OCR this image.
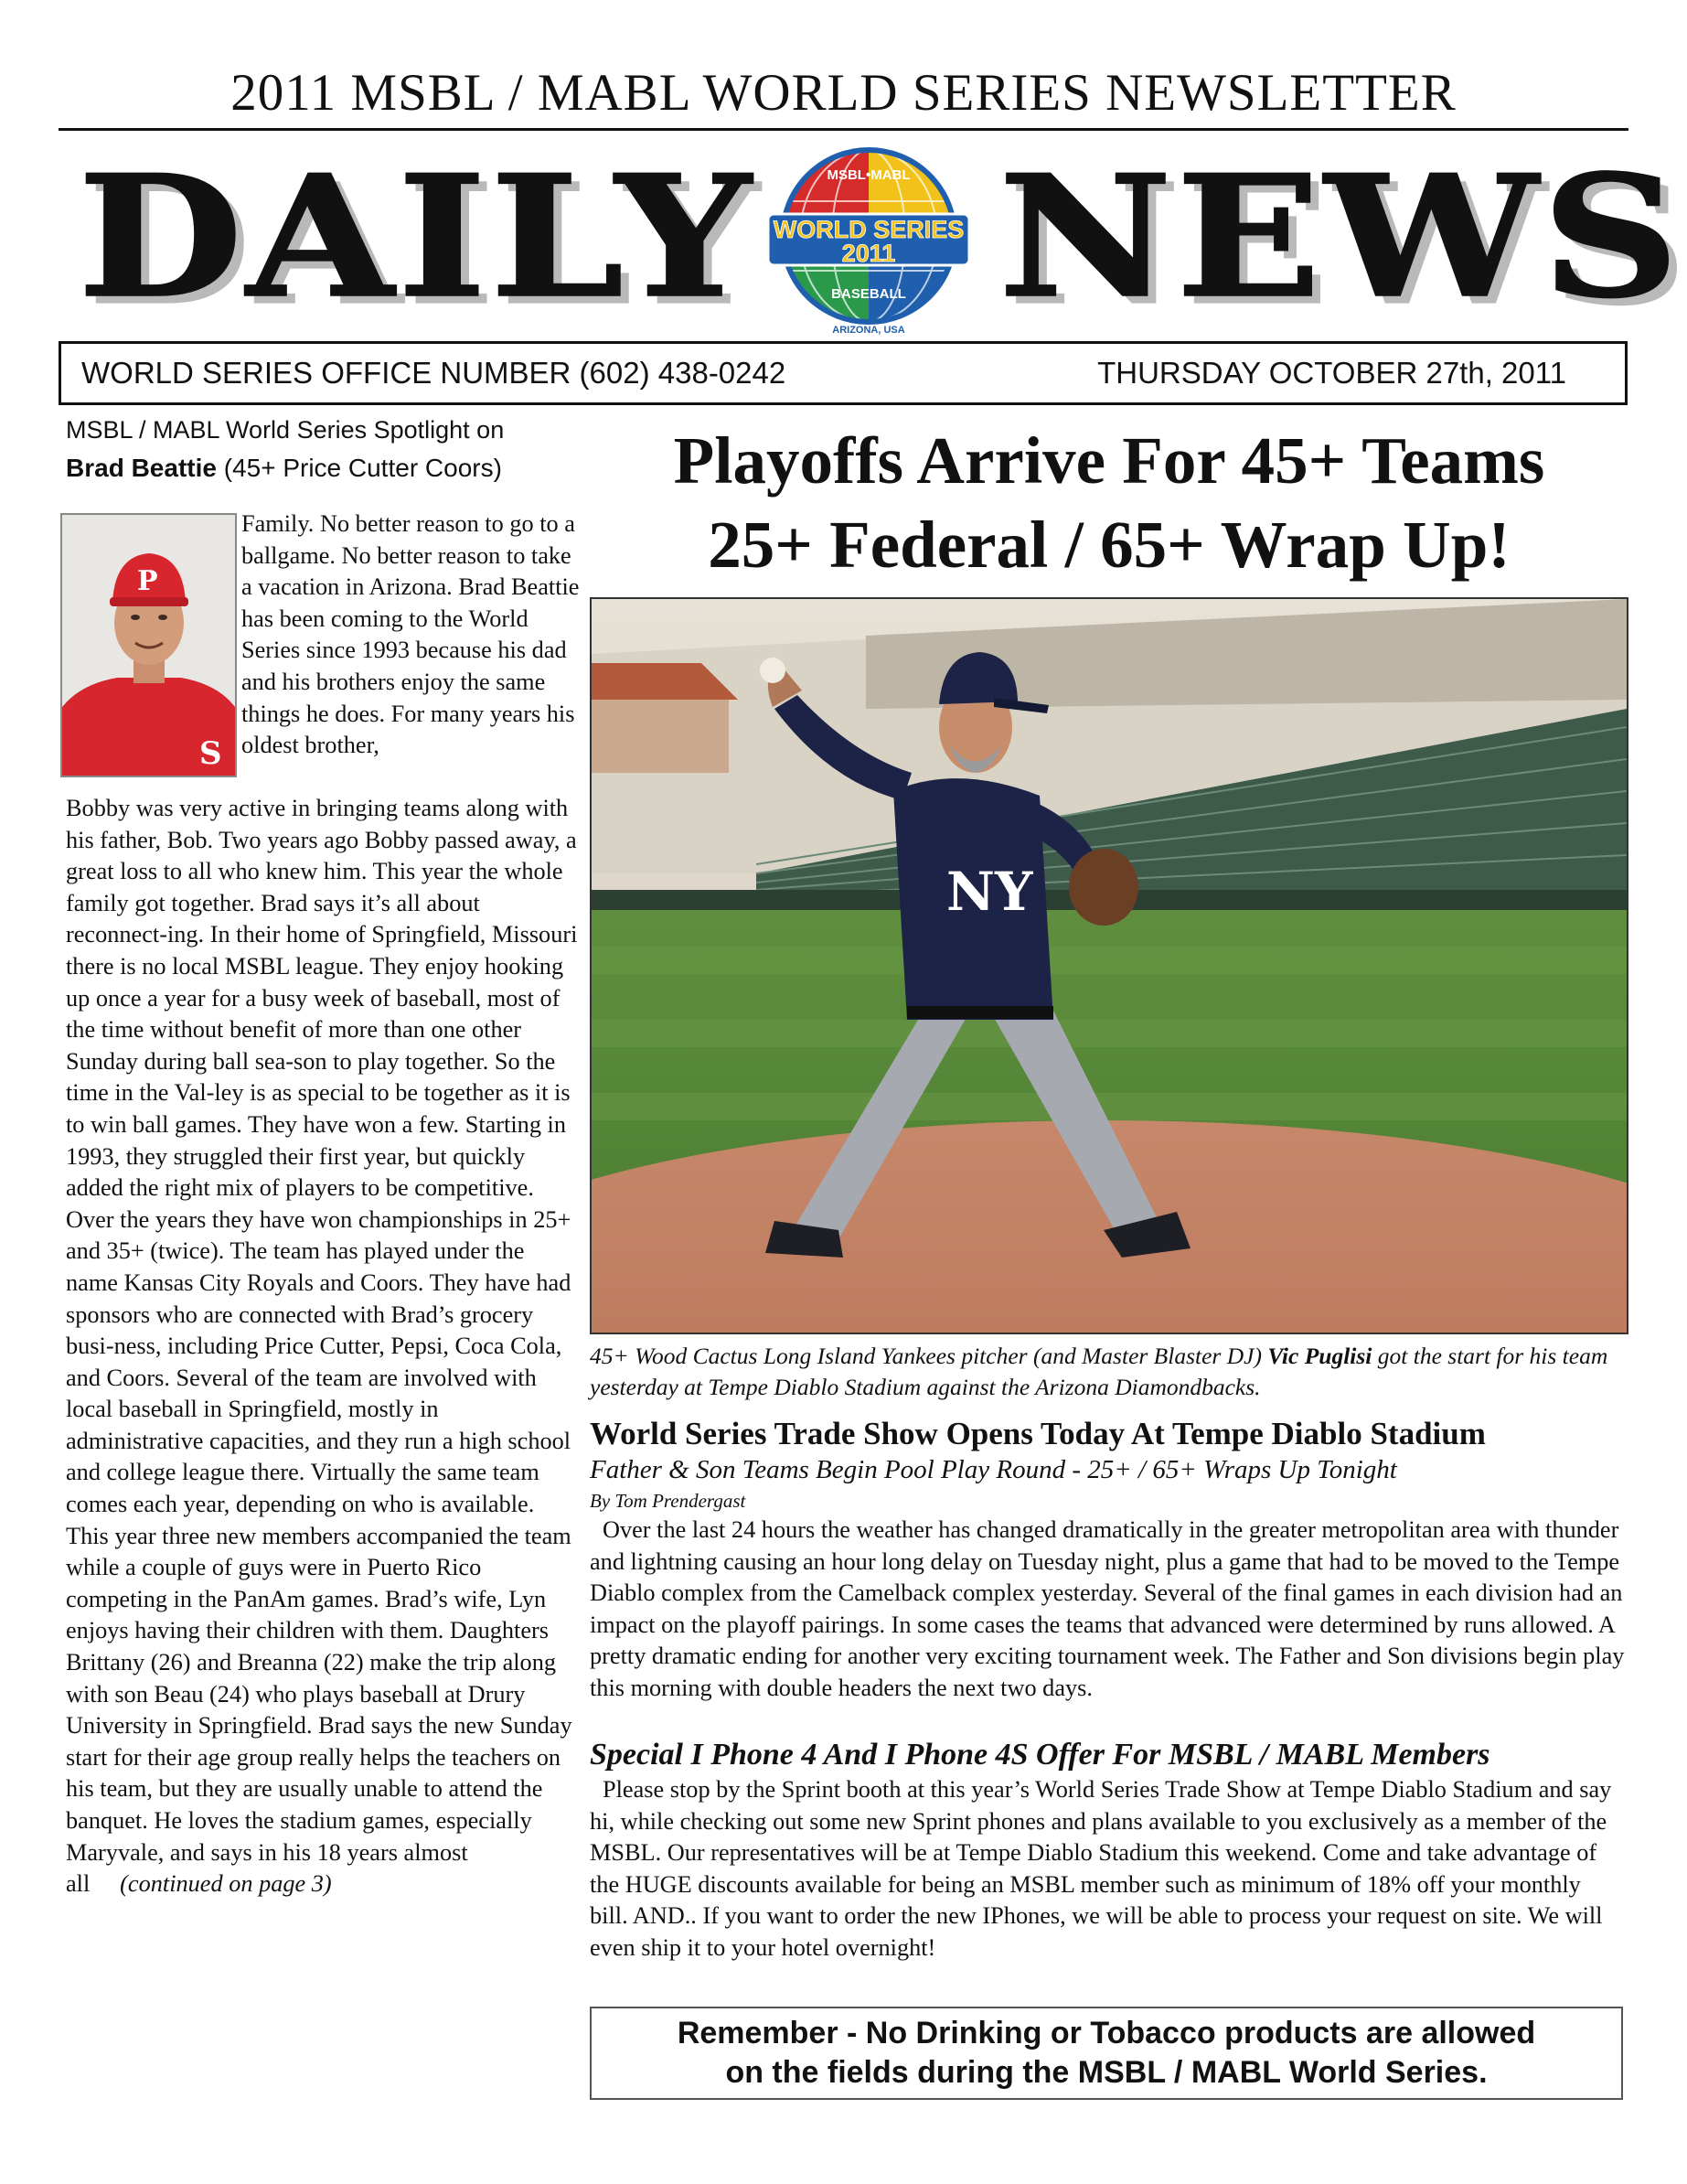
2011 MSBL / MABL WORLD SERIES NEWSLETTER
DAILY NEWS
WORLD SERIES
2011
MSBL•MABL
BASEBALL
ARIZONA, USA
WORLD SERIES OFFICE NUMBER (602) 438-0242	THURSDAY OCTOBER 27th, 2011
MSBL / MABL World Series Spotlight on
Brad Beattie (45+ Price Cutter Coors)
S
P
Family. No better reason to go to a ballgame. No better reason to take a vacation in Arizona. Brad Beattie has been coming to the World Series since 1993 because his dad and his brothers enjoy the same things he does. For many years his oldest brother,
Bobby was very active in bringing teams along with his father, Bob. Two years ago Bobby passed away, a great loss to all who knew him. This year the whole family got together. Brad says it’s all about reconnect-ing. In their home of Springfield, Missouri there is no local MSBL league. They enjoy hooking up once a year for a busy week of baseball, most of the time without benefit of more than one other Sunday during ball sea-son to play together. So the time in the Val-ley is as special to be together as it is to win ball games. They have won a few. Starting in 1993, they struggled their first year, but quickly added the right mix of players to be competitive. Over the years they have won championships in 25+ and 35+ (twice). The team has played under the name Kansas City Royals and Coors. They have had sponsors who are connected with Brad’s grocery busi-ness, including Price Cutter, Pepsi, Coca Cola, and Coors. Several of the team are involved with local baseball in Springfield, mostly in administrative capacities, and they run a high school and college league there. Virtually the same team comes each year, depending on who is available. This year three new members accompanied the team while a couple of guys were in Puerto Rico competing in the PanAm games. Brad’s wife, Lyn enjoys having their children with them. Daughters Brittany (26) and Breanna (22) make the trip along with son Beau (24) who plays baseball at Drury University in Springfield. Brad says the new Sunday start for their age group really helps the teachers on his team, but they are usually unable to attend the banquet. He loves the stadium games, especially Maryvale, and says in his 18 years almost all (continued on page 3)
Playoffs Arrive For 45+ Teams
25+ Federal / 65+ Wrap Up!
NY
45+ Wood Cactus Long Island Yankees pitcher (and Master Blaster DJ) Vic Puglisi got the start for his team yesterday at Tempe Diablo Stadium against the Arizona Diamondbacks.
World Series Trade Show Opens Today At Tempe Diablo Stadium
Father & Son Teams Begin Pool Play Round - 25+ / 65+ Wraps Up Tonight
By Tom Prendergast
Over the last 24 hours the weather has changed dramatically in the greater metropolitan area with thunder and lightning causing an hour long delay on Tuesday night, plus a game that had to be moved to the Tempe Diablo complex from the Camelback complex yesterday. Several of the final games in each division had an impact on the playoff pairings. In some cases the teams that advanced were determined by runs allowed. A pretty dramatic ending for another very exciting tournament week. The Father and Son divisions begin play this morning with double headers the next two days.
Special I Phone 4 And I Phone 4S Offer For MSBL / MABL Members
Please stop by the Sprint booth at this year’s World Series Trade Show at Tempe Diablo Stadium and say hi, while checking out some new Sprint phones and plans available to you exclusively as a member of the MSBL. Our representatives will be at Tempe Diablo Stadium this weekend. Come and take advantage of the HUGE discounts available for being an MSBL member such as minimum of 18% off your monthly bill. AND.. If you want to order the new IPhones, we will be able to process your request on site. We will even ship it to your hotel overnight!
Remember - No Drinking or Tobacco products are allowed
on the fields during the MSBL / MABL World Series.
